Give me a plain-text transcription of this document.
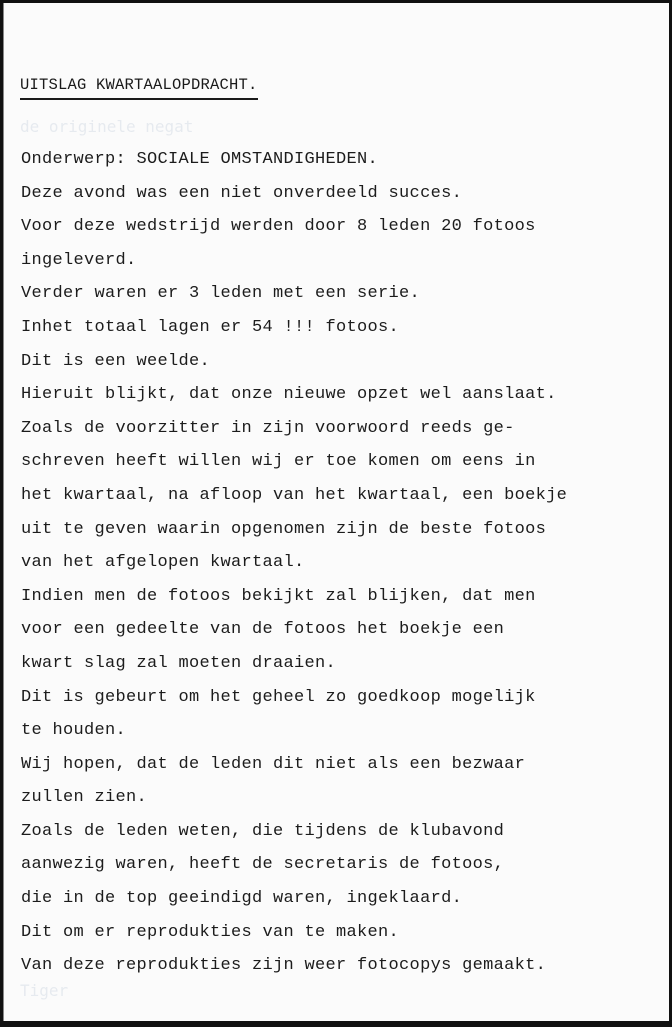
de originele negat
UITSLAG KWARTAALOPDRACHT.
Onderwerp: SOCIALE OMSTANDIGHEDEN.
Deze avond was een niet onverdeeld succes.
Voor deze wedstrijd werden door 8 leden 20 fotoos
ingeleverd.
Verder waren er 3 leden met een serie.
Inhet totaal lagen er 54 !!! fotoos.
Dit is een weelde.
Hieruit blijkt, dat onze nieuwe opzet wel aanslaat.
Zoals de voorzitter in zijn voorwoord reeds ge-
schreven heeft willen wij er toe komen om eens in
het kwartaal, na afloop van het kwartaal, een boekje
uit te geven waarin opgenomen zijn de beste fotoos
van het afgelopen kwartaal.
Indien men de fotoos bekijkt zal blijken, dat men
voor een gedeelte van de fotoos het boekje een
kwart slag zal moeten draaien.
Dit is gebeurt om het geheel zo goedkoop mogelijk
te houden.
Wij hopen, dat de leden dit niet als een bezwaar
zullen zien.
Zoals de leden weten, die tijdens de klubavond
aanwezig waren, heeft de secretaris de fotoos,
die in de top geeindigd waren, ingeklaard.
Dit om er reprodukties van te maken.
Van deze reprodukties zijn weer fotocopys gemaakt.
Tiger
